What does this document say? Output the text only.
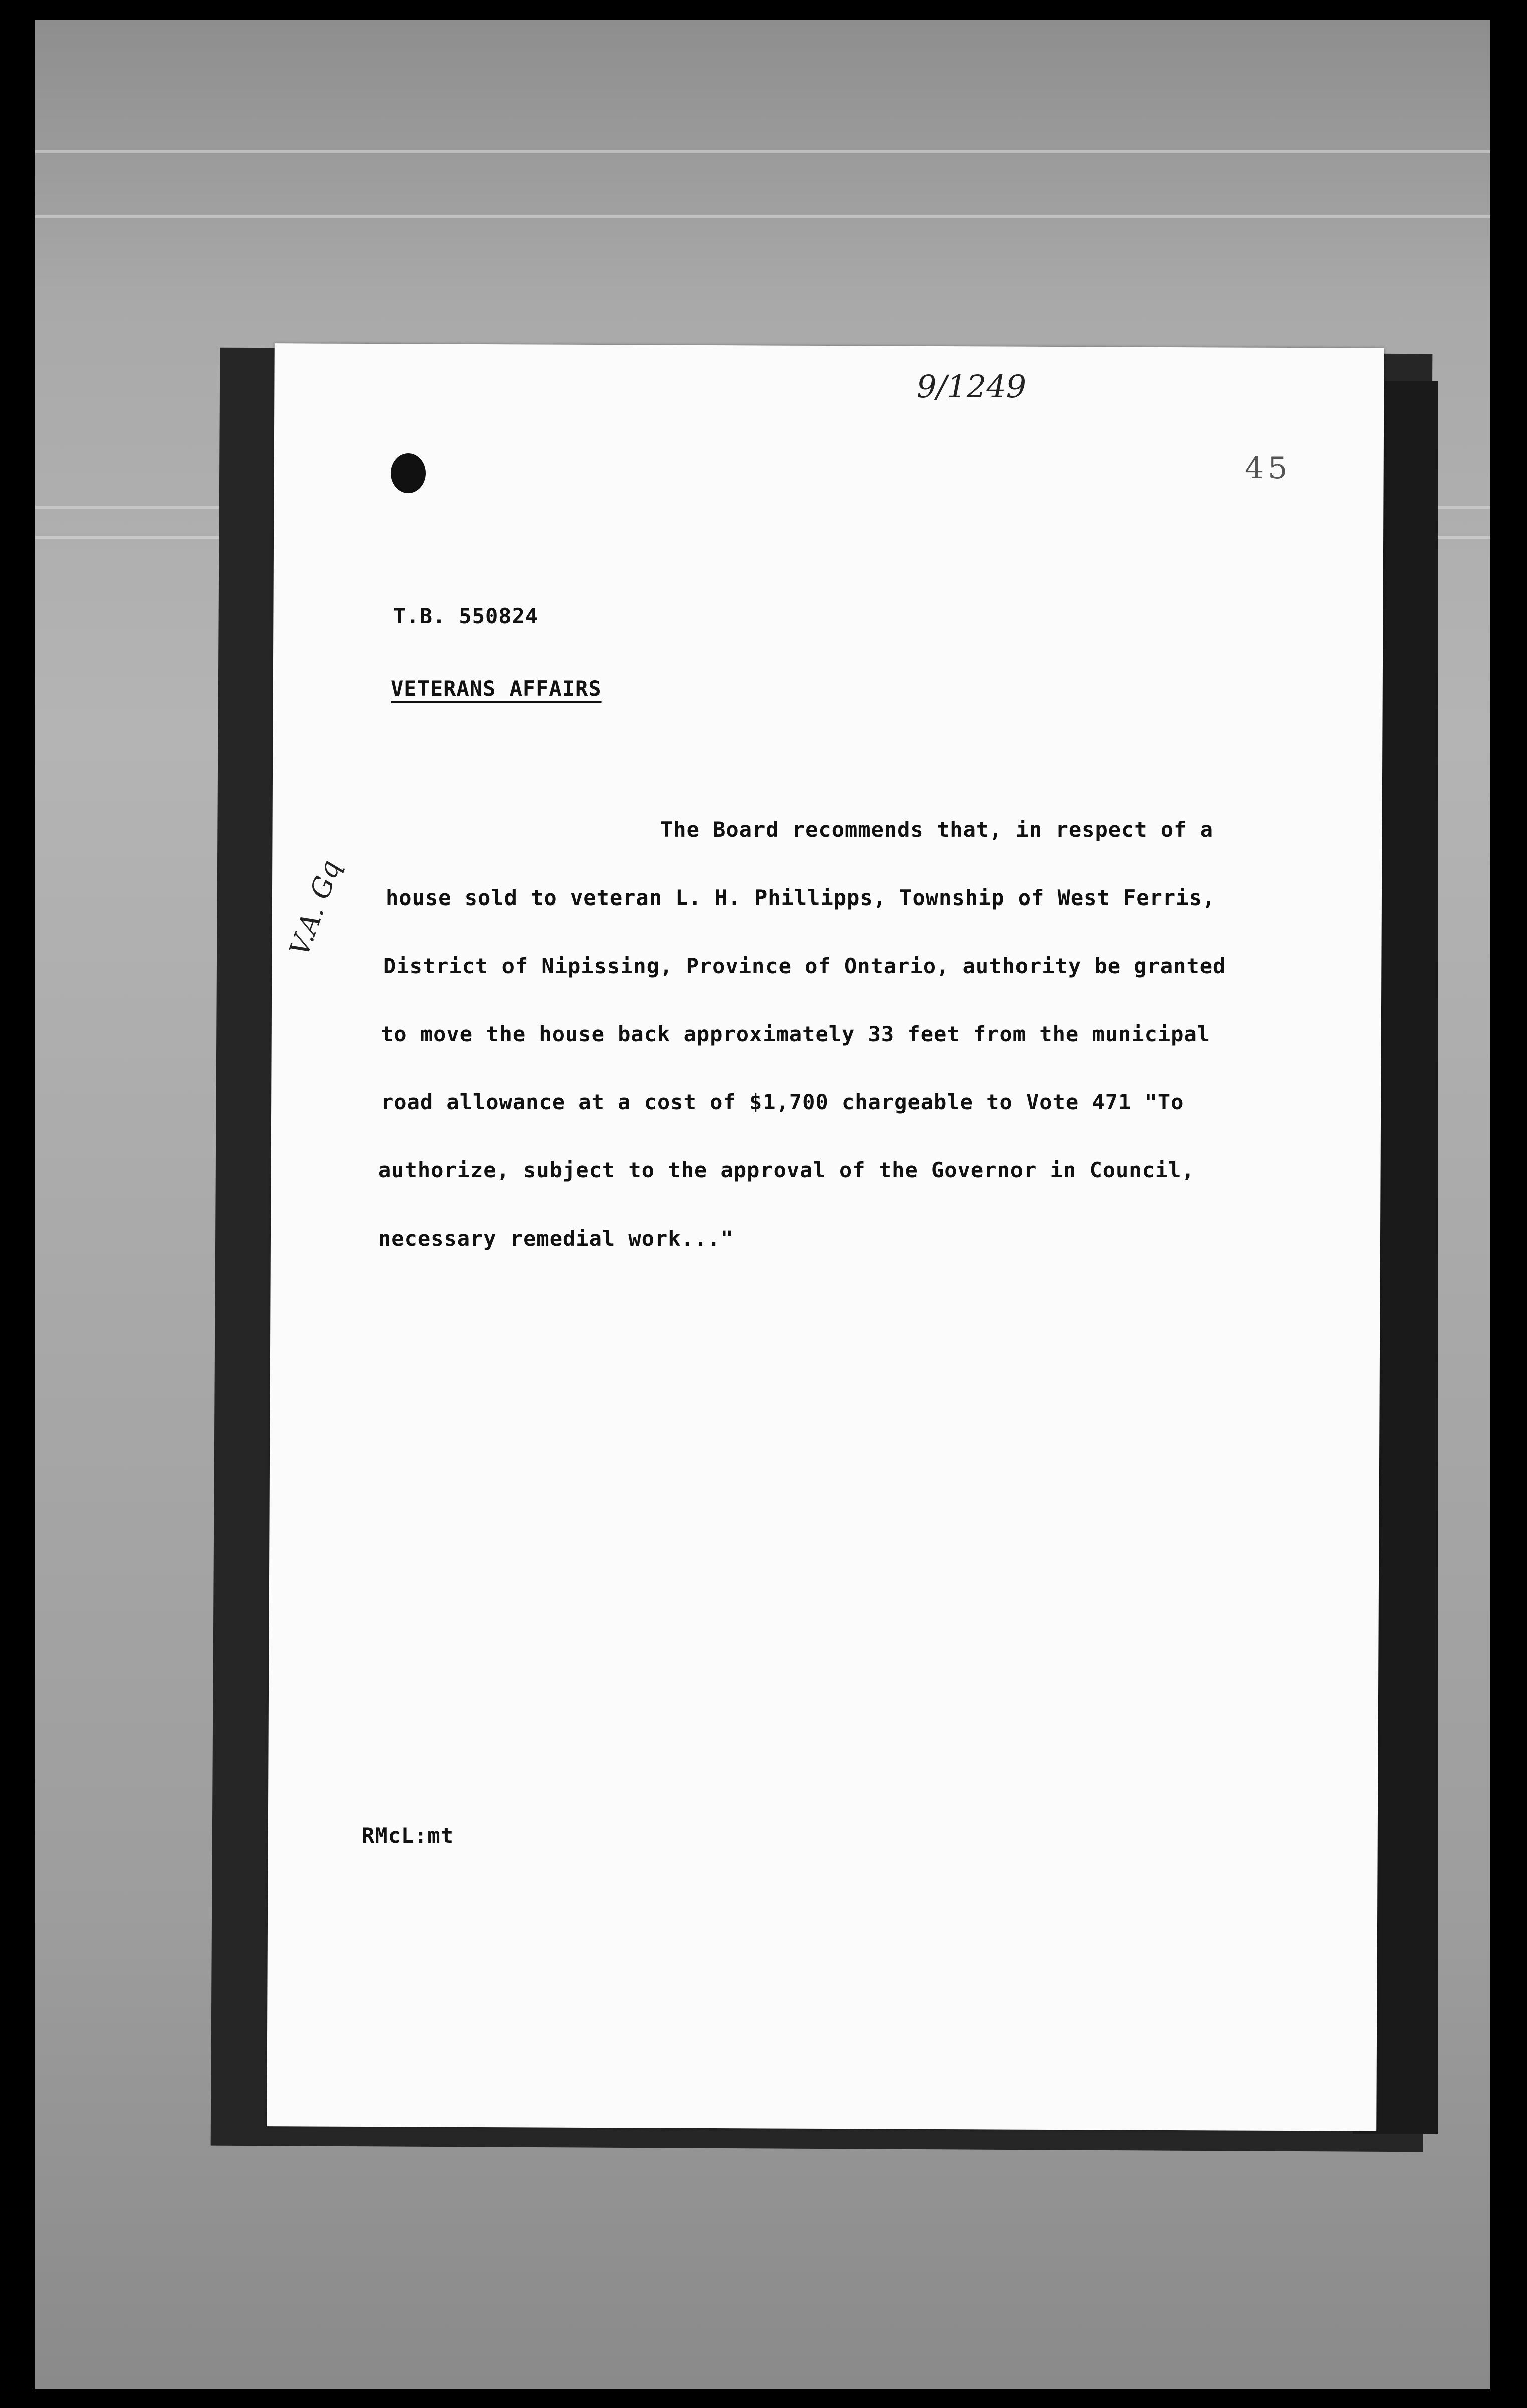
9/1249
45
T.B. 550824
VETERANS AFFAIRS
V.A. Gq
The Board recommends that, in respect of a
house sold to veteran L. H. Phillipps, Township of West Ferris,
District of Nipissing, Province of Ontario, authority be granted
to move the house back approximately 33 feet from the municipal
road allowance at a cost of $1,700 chargeable to Vote 471 "To
authorize, subject to the approval of the Governor in Council,
necessary remedial work..."
RMcL:mt
